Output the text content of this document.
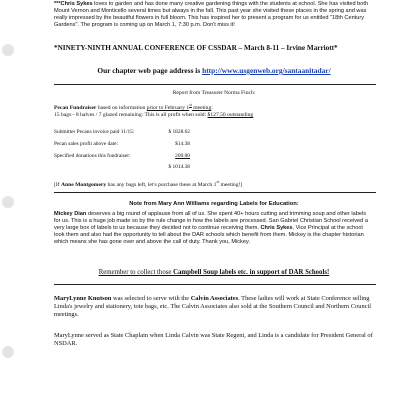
***Chris Sykes loves to garden and has done many creative gardening things with the students at school. She has visited both Mount Vernon and Monticello several times but always in the fall. This past year she visited these places in the spring and was really impressed by the beautiful flowers in full bloom. This has inspired her to present a program for us entitled "18th Century Gardens". The program is coming up on March 1, 7:30 p.m. Don't miss it!

*NINETY-NINTH ANNUAL CONFERENCE OF CSSDAR – March 8-11 – Irvine Marriott*

Our chapter web page address is http://www.usgenweb.org/santaanitadar/

Report from Treasurer Norma Finch:

Pecan Fundraiser based on information prior to February 1st meeting:

15 bags - 8 halves / 7 glazed remaining: This is all profit when sold: $127.50 outstanding

Submitter Pecans invoice paid 11/15:	$ 1828.62
Pecan sales profit above date:	$14.38
Specified donations this fundraiser:	200.00
$ 1014.38

[If Anne Montgomery has any bags left, let's purchase these at March 1st meeting!]

Note from Mary Ann Williams regarding Labels for Education:

Mickey Dian deserves a big round of applause from all of us. She spent 40+ hours cutting and trimming soup and other labels for us. This is a huge job made so by the rule change in how the labels are processed. San Gabriel Christian School received a very large box of labels to us because they decided not to continue receiving them. Chris Sykes, Vice Principal at the school took them and also had the opportunity to tell about the DAR schools which benefit from them. Mickey is the chapter historian which means she has gone over and above the call of duty. Thank you, Mickey.

Remember to collect those Campbell Soup labels etc. in support of DAR Schools!

MaryLynne Knutson was selected to serve with the Calvin Associates. These ladies will work at State Conference selling Linda's jewelry and stationery, tote bags, etc. The Calvin Associates also sold at the Southern Council and Northern Council meetings.

MaryLynne served as State Chaplain when Linda Calvin was State Regent, and Linda is a candidate for President General of NSDAR.
